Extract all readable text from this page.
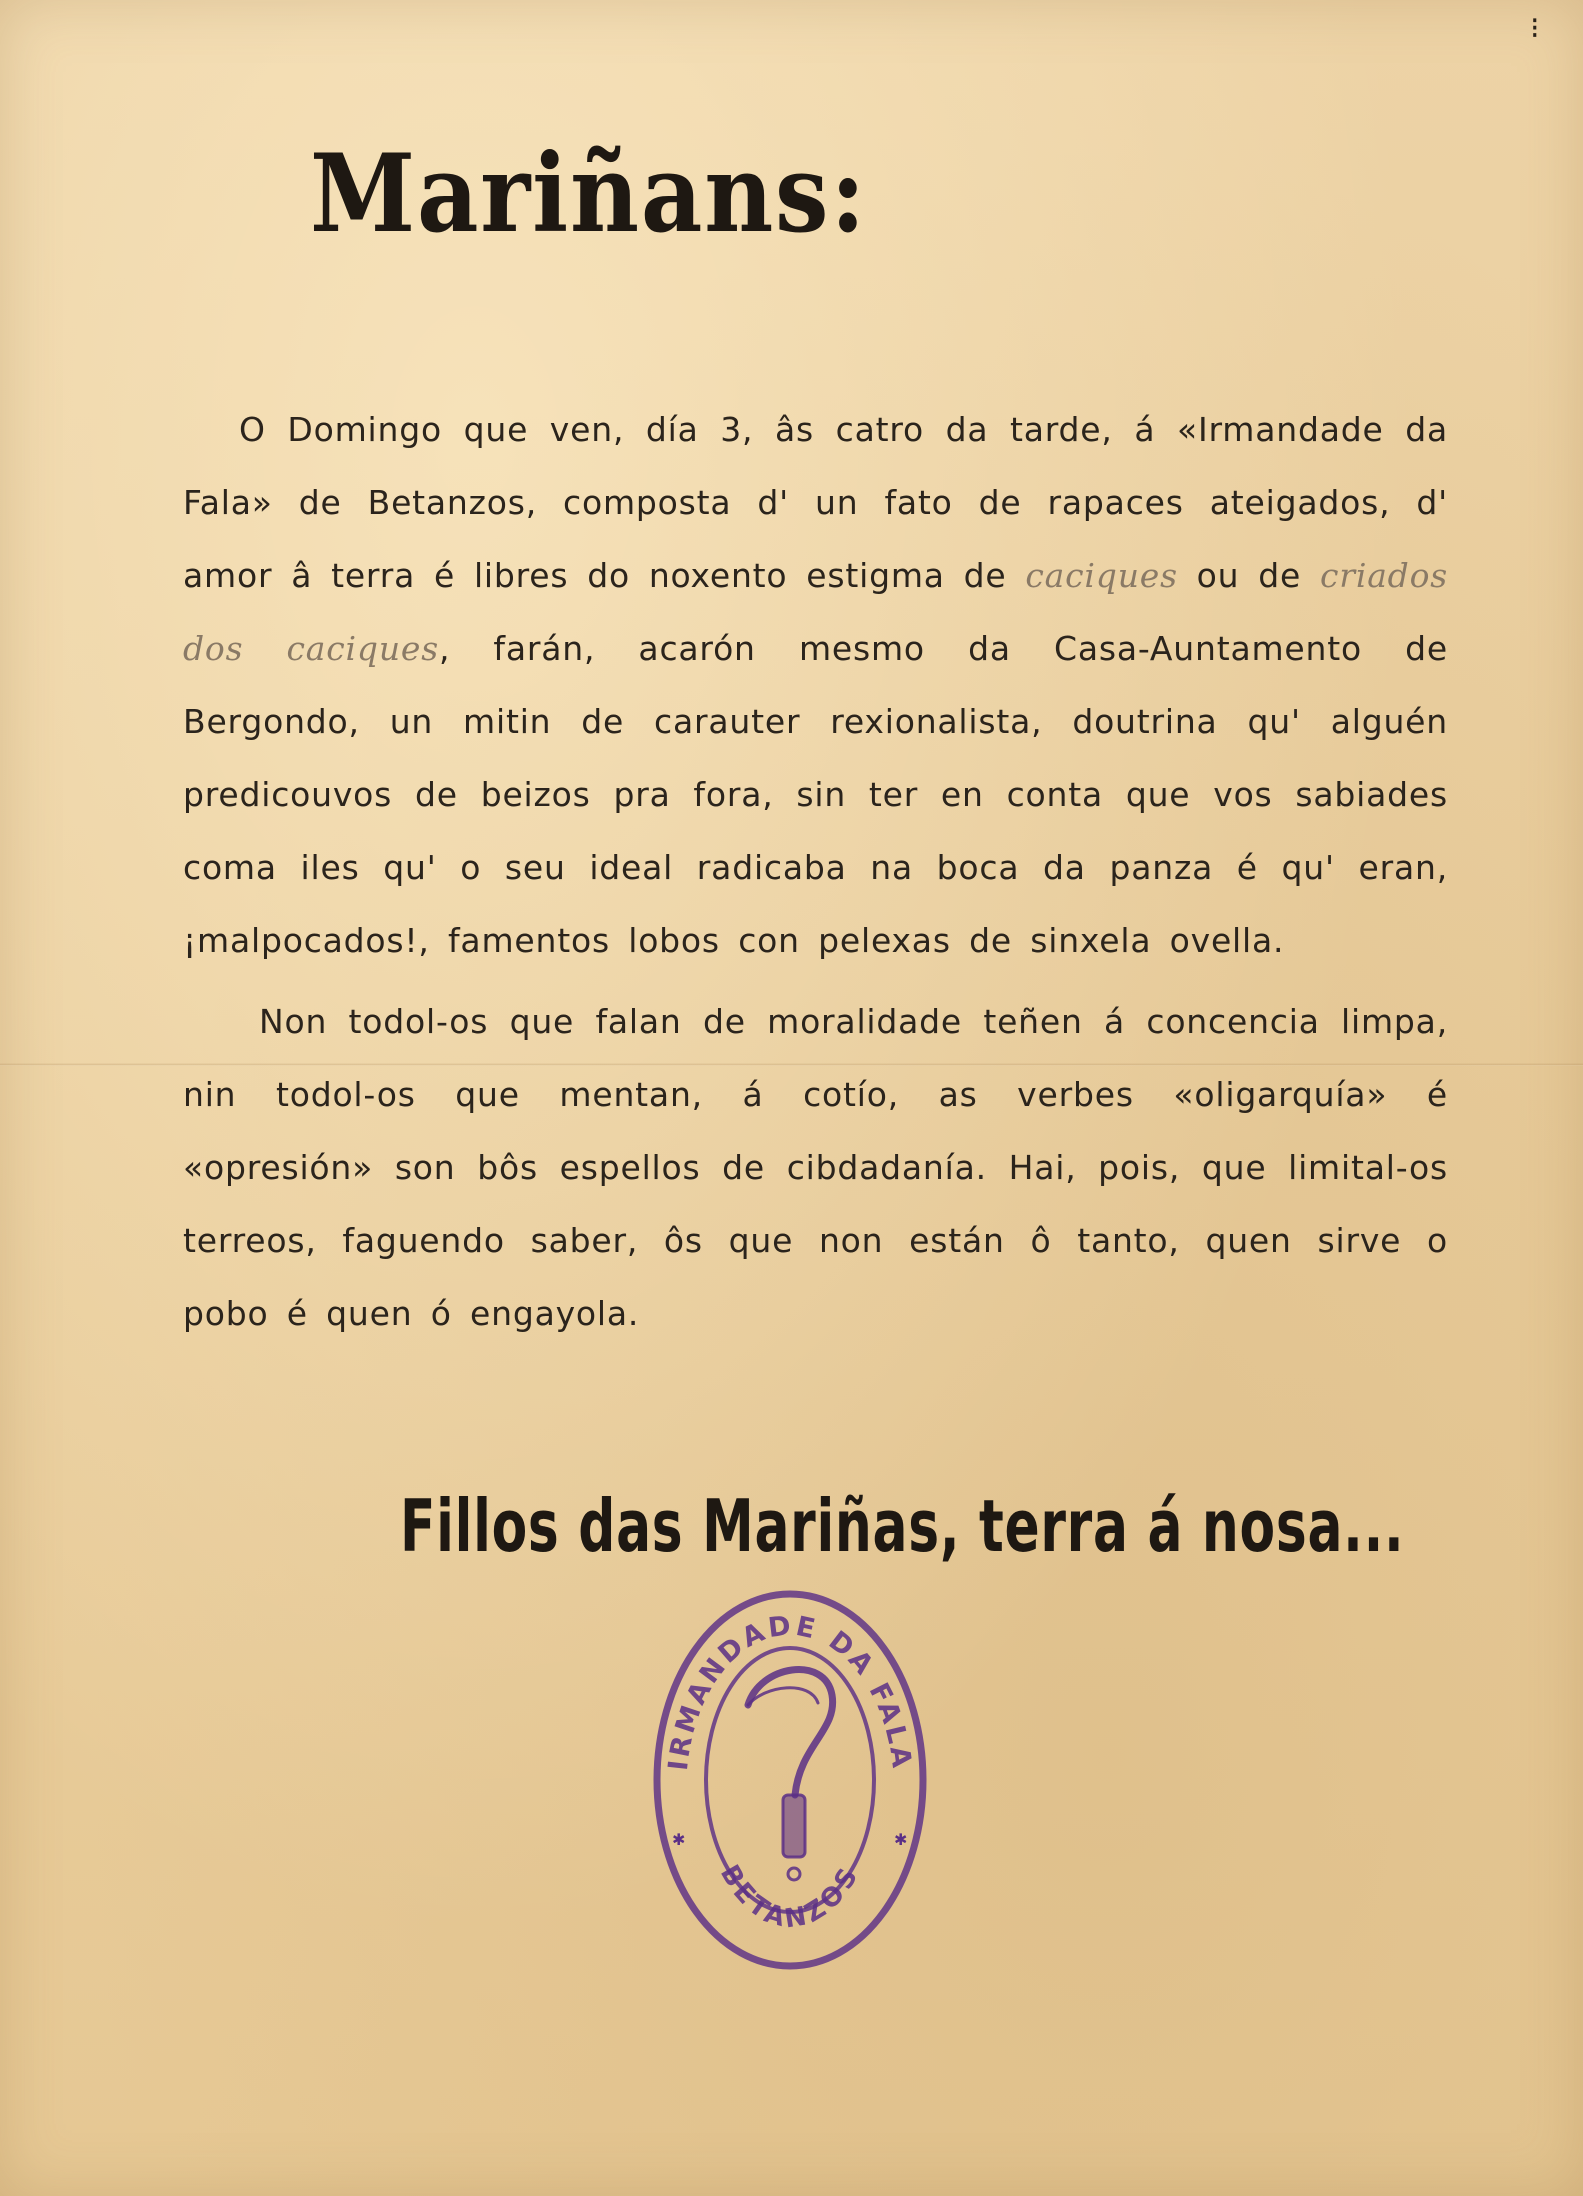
⁝
Mariñans:

O Domingo que ven, día 3, âs catro da tarde, á «Irmandade da Fala» de Betanzos, composta d' un fato de rapaces ateigados, d' amor â terra é libres do noxento estigma de caciques ou de criados dos caciques, farán, acarón mesmo da Casa-Auntamento de Bergondo, un mitin de carauter rexionalista, doutrina qu' alguén predicouvos de beizos pra fora, sin ter en conta que vos sabiades coma iles qu' o seu ideal radicaba na boca da panza é qu' eran, ¡malpocados!, famentos lobos con pelexas de sinxela ovella.

Non todol-os que falan de moralidade teñen á concencia limpa, nin todol-os que mentan, á cotío, as verbes «oligarquía» é «opresión» son bôs espellos de cibdadanía. Hai, pois, que limital-os terreos, faguendo saber, ôs que non están ô tanto, quen sirve o pobo é quen ó engayola.

Fillos das Mariñas, terra á nosa...
IRMANDADE DA FALA
BETANZOS
✱	✱
